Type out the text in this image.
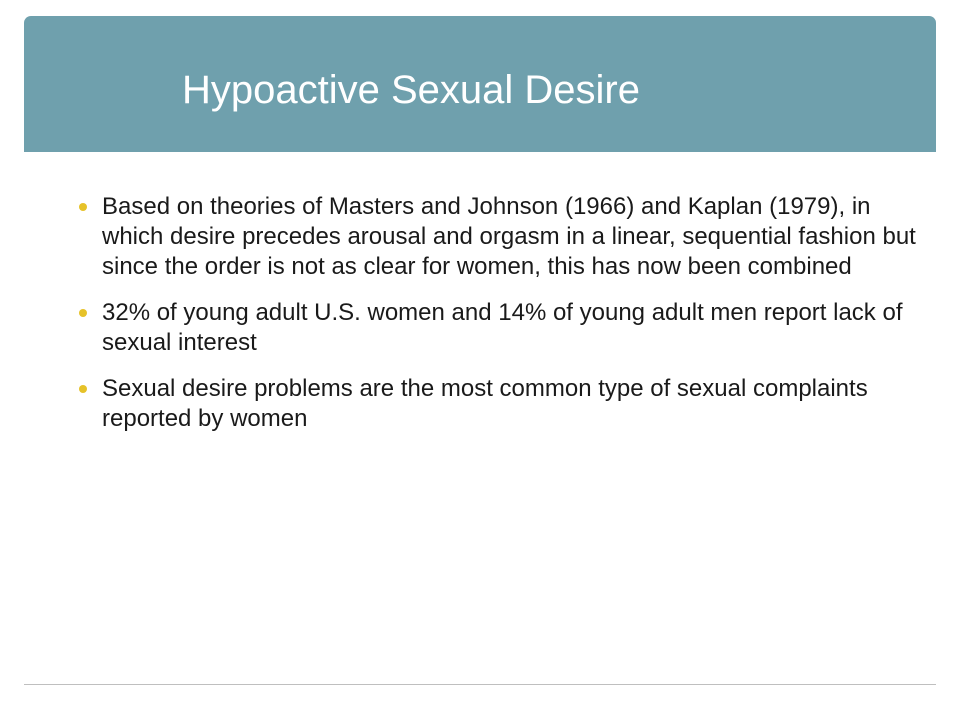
Hypoactive Sexual Desire
Based on theories of Masters and Johnson (1966) and Kaplan (1979), in which desire precedes arousal and orgasm in a linear, sequential fashion but since the order is not as clear for women, this has now been combined
32% of young adult U.S. women and 14% of young adult men report lack of sexual interest
Sexual desire problems are the most common type of sexual complaints reported by women
